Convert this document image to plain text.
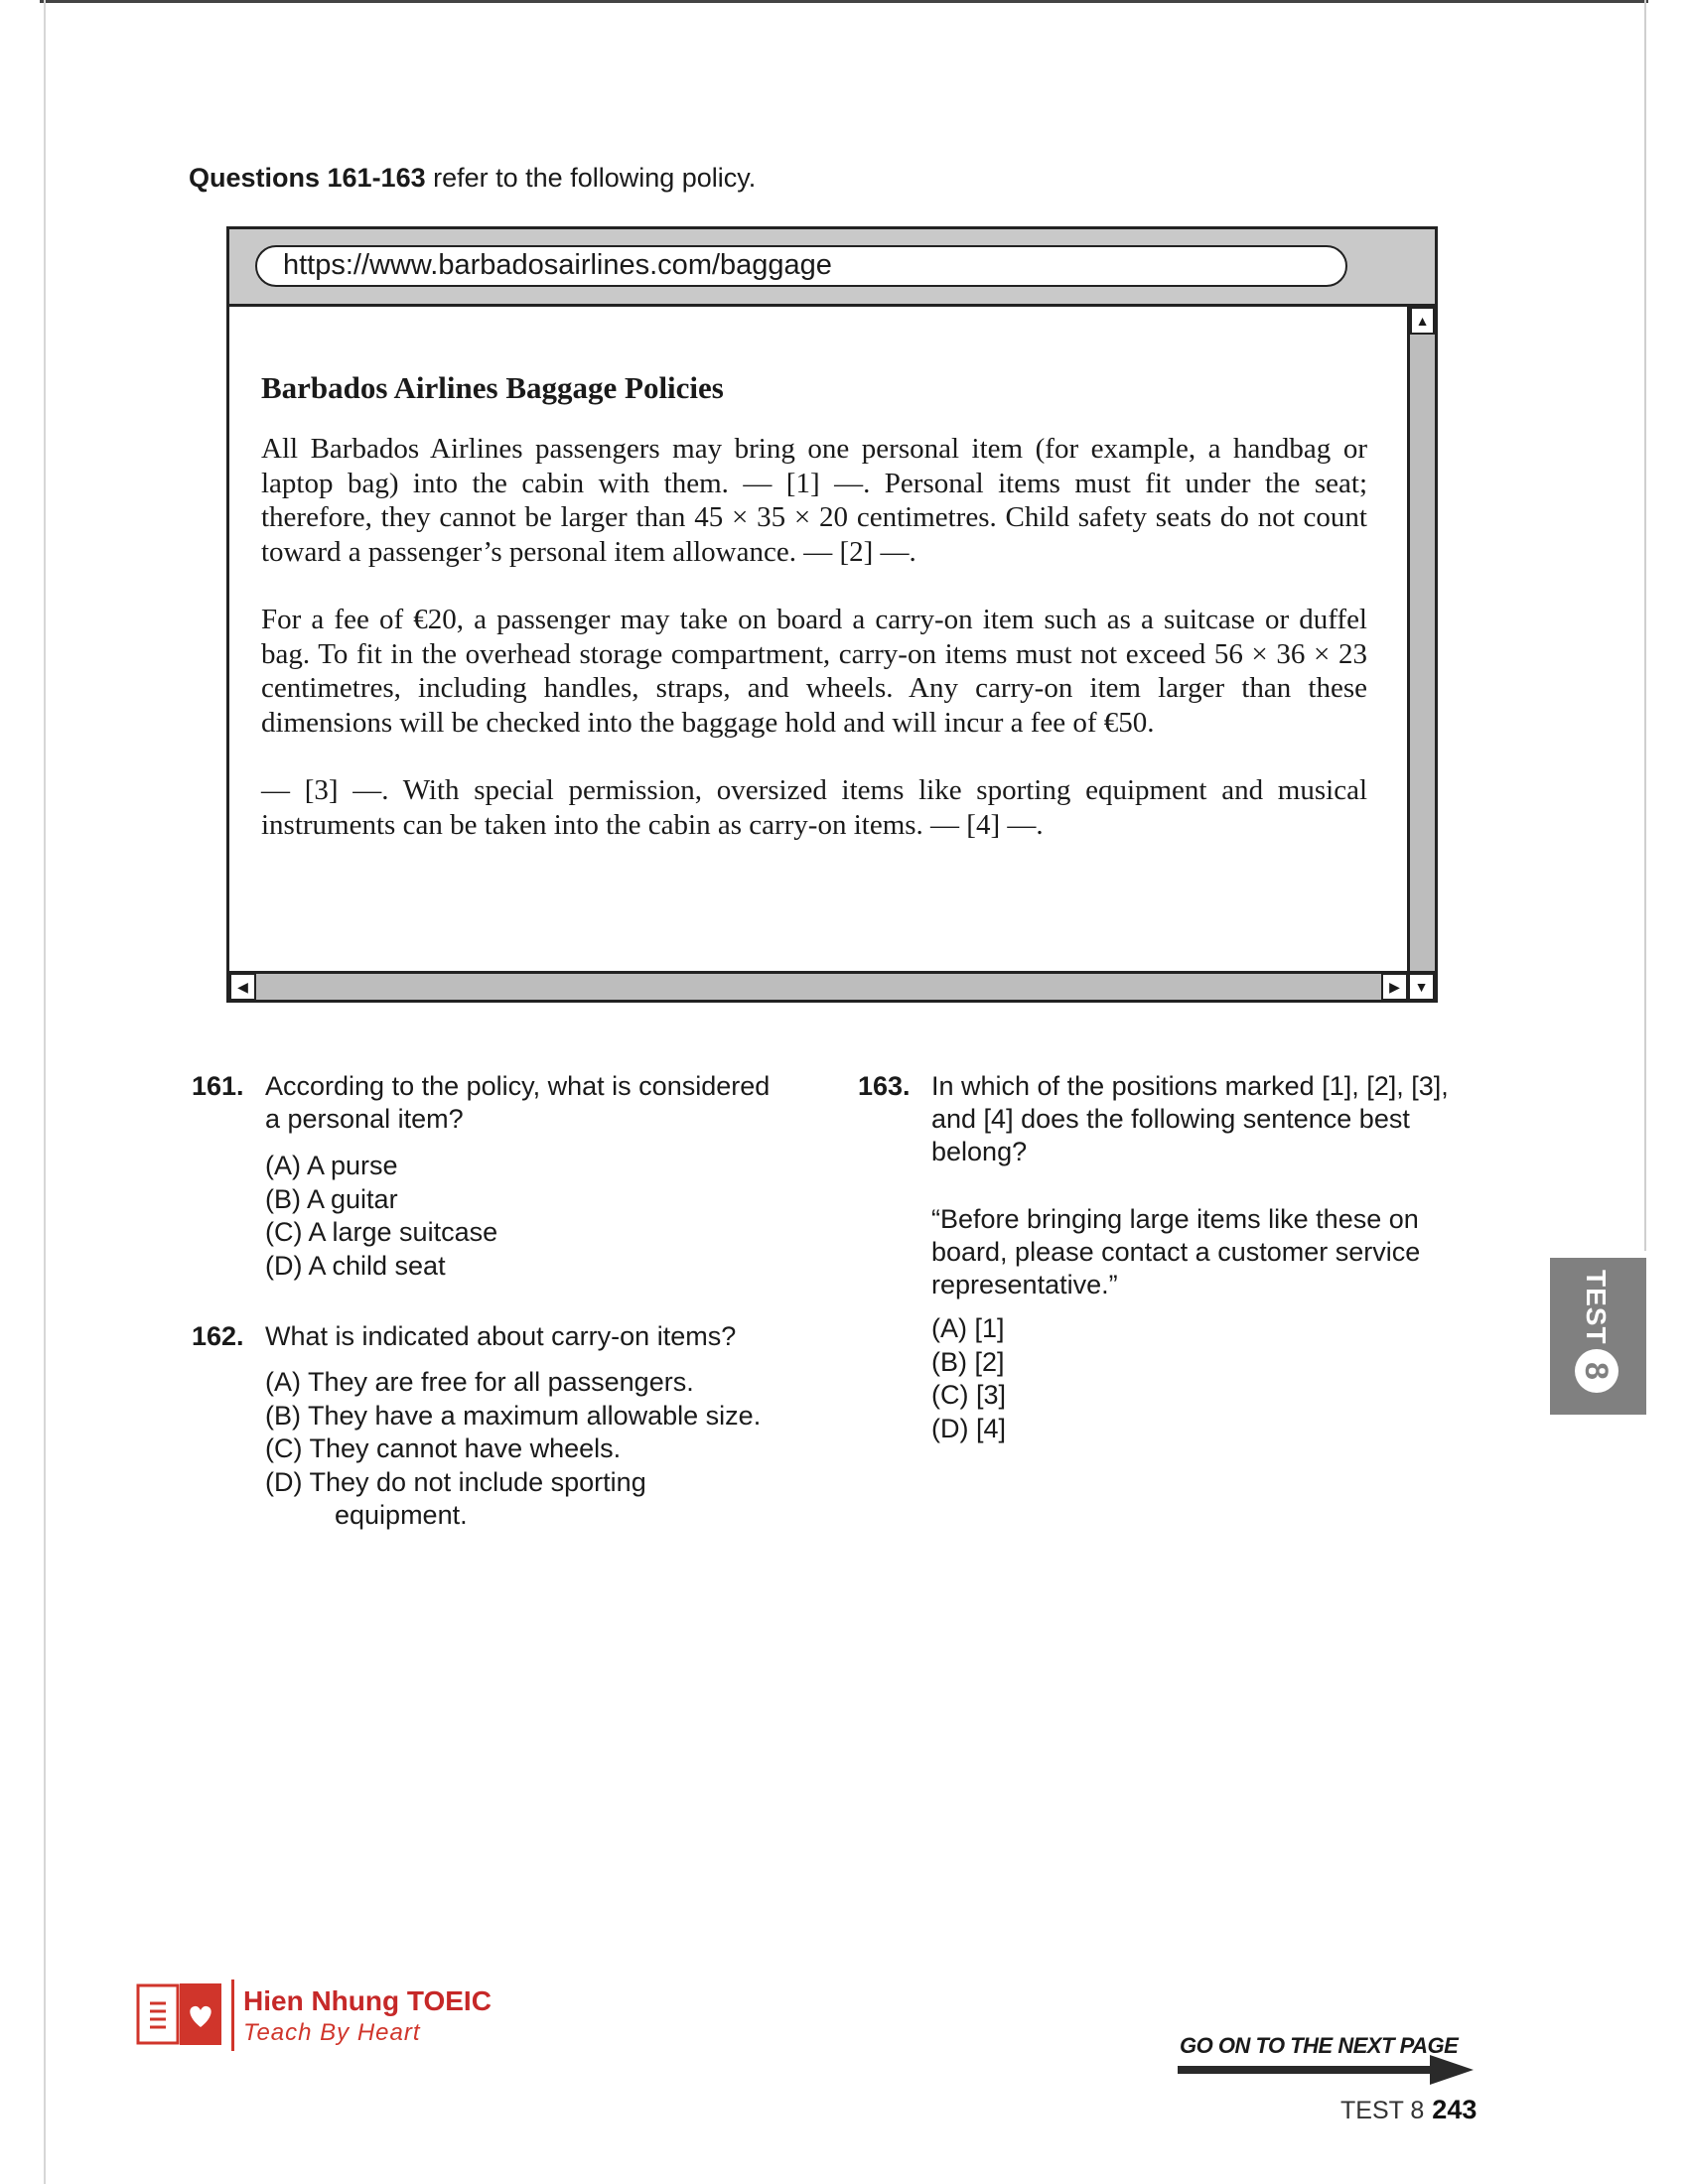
Questions 161-163 refer to the following policy.
https://www.barbadosairlines.com/baggage
Barbados Airlines Baggage Policies

All Barbados Airlines passengers may bring one personal item (for example, a handbag or laptop bag) into the cabin with them. — [1] —. Personal items must fit under the seat; therefore, they cannot be larger than 45 × 35 × 20 centimetres. Child safety seats do not count toward a passenger’s personal item allowance. — [2] —.

For a fee of €20, a passenger may take on board a carry-on item such as a suitcase or duffel bag. To fit in the overhead storage compartment, carry-on items must not exceed 56 × 36 × 23 centimetres, including handles, straps, and wheels. Any carry-on item larger than these dimensions will be checked into the baggage hold and will incur a fee of €50.

— [3] —. With special permission, oversized items like sporting equipment and musical instruments can be taken into the cabin as carry-on items. — [4] —.

▲
◀	▶	▼
161. According to the policy, what is considered
a personal item?
(A) A purse
(B) A guitar
(C) A large suitcase
(D) A child seat
162. What is indicated about carry-on items?
(A) They are free for all passengers.
(B) They have a maximum allowable size.
(C) They cannot have wheels.
(D) They do not include sporting
equipment.
163. In which of the positions marked [1], [2], [3],
and [4] does the following sentence best
belong?
“Before bringing large items like these on
board, please contact a customer service
representative.”
(A) [1]
(B) [2]
(C) [3]
(D) [4]
TEST
8
Hien Nhung TOEIC
Teach By Heart	GO ON TO THE NEXT PAGE
TEST 8 243
